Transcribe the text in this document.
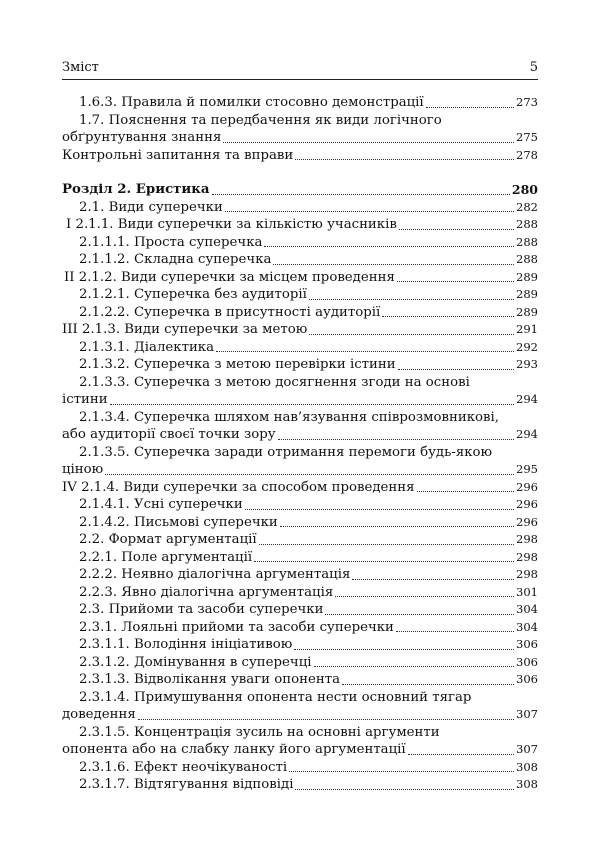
Зміст	5
1.6.3. Правила й помилки стосовно демонстрації	273
1.7. Пояснення та передбачення як види логічного
обґрунтування знання	275
Контрольні запитання та вправи	278
Розділ 2. Еристика	280
2.1. Види суперечки	282
I 2.1.1. Види суперечки за кількістю учасників	288
2.1.1.1. Проста суперечка	288
2.1.1.2. Складна суперечка	288
II 2.1.2. Види суперечки за місцем проведення	289
2.1.2.1. Суперечка без аудиторії	289
2.1.2.2. Суперечка в присутності аудиторії	289
III 2.1.3. Види суперечки за метою	291
2.1.3.1. Діалектика	292
2.1.3.2. Суперечка з метою перевірки істини	293
2.1.3.3. Суперечка з метою досягнення згоди на основі
істини	294
2.1.3.4. Суперечка шляхом нав’язування співрозмовникові,
або аудиторії своєї точки зору	294
2.1.3.5. Суперечка заради отримання перемоги будь-якою
ціною	295
IV 2.1.4. Види суперечки за способом проведення	296
2.1.4.1. Усні суперечки	296
2.1.4.2. Письмові суперечки	296
2.2. Формат аргументації	298
2.2.1. Поле аргументації	298
2.2.2. Неявно діалогічна аргументація	298
2.2.3. Явно діалогічна аргументація	301
2.3. Прийоми та засоби суперечки	304
2.3.1. Лояльні прийоми та засоби суперечки	304
2.3.1.1. Володіння ініціативою	306
2.3.1.2. Домінування в суперечці	306
2.3.1.3. Відволікання уваги опонента	306
2.3.1.4. Примушування опонента нести основний тягар
доведення	307
2.3.1.5. Концентрація зусиль на основні аргументи
опонента або на слабку ланку його аргументації	307
2.3.1.6. Ефект неочікуваності	308
2.3.1.7. Відтягування відповіді	308
